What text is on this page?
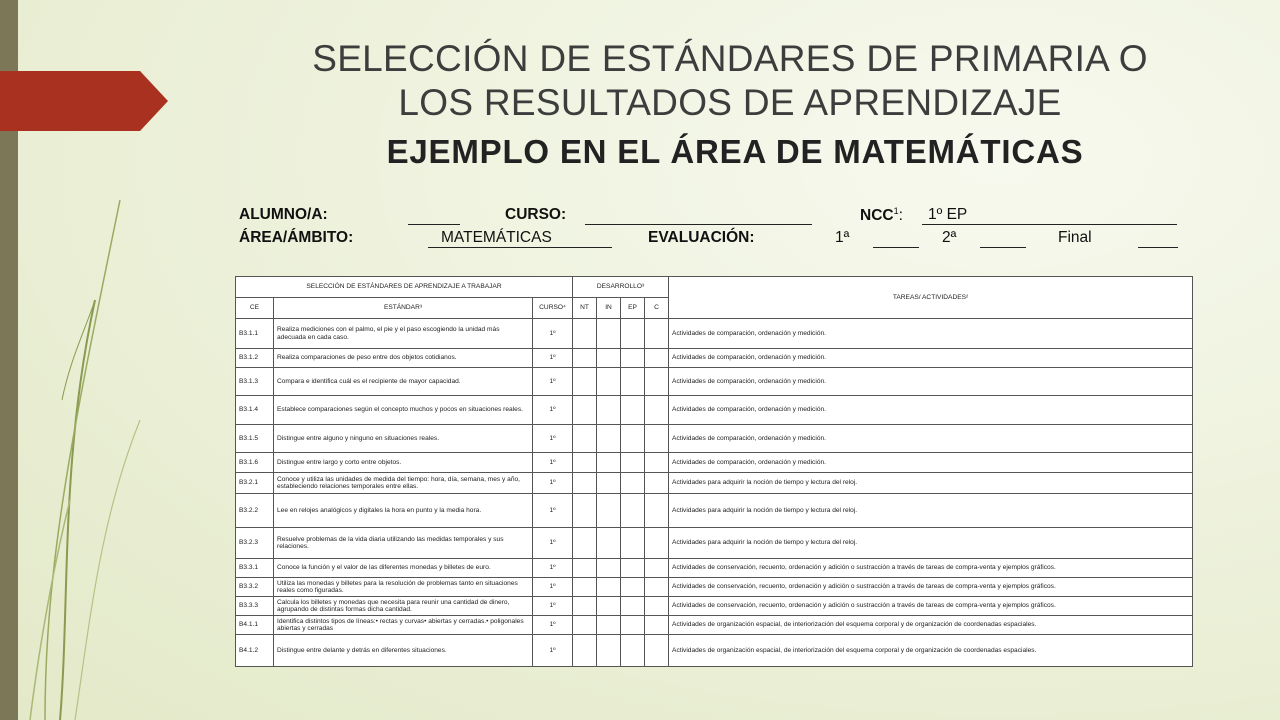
SELECCIÓN DE ESTÁNDARES DE PRIMARIA O
LOS RESULTADOS DE APRENDIZAJE
EJEMPLO EN EL ÁREA DE MATEMÁTICAS
ALUMNO/A:	CURSO:	NCC$^1$: 1º EP
ÁREA/ÁMBITO:	MATEMÁTICAS	EVALUACIÓN:	1ª	2ª	Final
SELECCIÓN DE ESTÁNDARES DE APRENDIZAJE A TRABAJAR			DESARROLLO³				TAREAS/ ACTIVIDADES²
CE	ESTÁNDAR³	CURSO⁴	NT	IN	EP	C	
B3.1.1	Realiza mediciones con el palmo, el pie y el paso escogiendo la unidad más adecuada en cada caso.	1º					Actividades de comparación, ordenación y medición.
B3.1.2	Realiza comparaciones de peso entre dos objetos cotidianos.	1º					Actividades de comparación, ordenación y medición.
B3.1.3	Compara e identifica cuál es el recipiente de mayor capacidad.	1º					Actividades de comparación, ordenación y medición.
B3.1.4	Establece comparaciones según el concepto muchos y pocos en situaciones reales.	1º					Actividades de comparación, ordenación y medición.
B3.1.5	Distingue entre alguno y ninguno en situaciones reales.	1º					Actividades de comparación, ordenación y medición.
B3.1.6	Distingue entre largo y corto entre objetos.	1º					Actividades de comparación, ordenación y medición.
B3.2.1	Conoce y utiliza las unidades de medida del tiempo: hora, día, semana, mes y año, estableciendo relaciones temporales entre ellas.	1º					Actividades para adquirir la noción de tiempo y lectura del reloj.
B3.2.2	Lee en relojes analógicos y digitales la hora en punto y la media hora.	1º					Actividades para adquirir la noción de tiempo y lectura del reloj.
B3.2.3	Resuelve problemas de la vida diaria utilizando las medidas temporales y sus relaciones.	1º					Actividades para adquirir la noción de tiempo y lectura del reloj.
B3.3.1	Conoce la función y el valor de las diferentes monedas y billetes de euro.	1º					Actividades de conservación, recuento, ordenación y adición o sustracción a través de tareas de compra-venta y ejemplos gráficos.
B3.3.2	Utiliza las monedas y billetes para la resolución de problemas tanto en situaciones reales como figuradas.	1º					Actividades de conservación, recuento, ordenación y adición o sustracción a través de tareas de compra-venta y ejemplos gráficos.
B3.3.3	Calcula los billetes y monedas que necesita para reunir una cantidad de dinero, agrupando de distintas formas dicha cantidad.	1º					Actividades de conservación, recuento, ordenación y adición o sustracción a través de tareas de compra-venta y ejemplos gráficos.
B4.1.1	Identifica distintos tipos de líneas:• rectas y curvas• abiertas y cerradas.• poligonales abiertas y cerradas	1º					Actividades de organización espacial, de interiorización del esquema corporal y de organización de coordenadas espaciales.
B4.1.2	Distingue entre delante y detrás en diferentes situaciones.	1º					Actividades de organización espacial, de interiorización del esquema corporal y de organización de coordenadas espaciales.
